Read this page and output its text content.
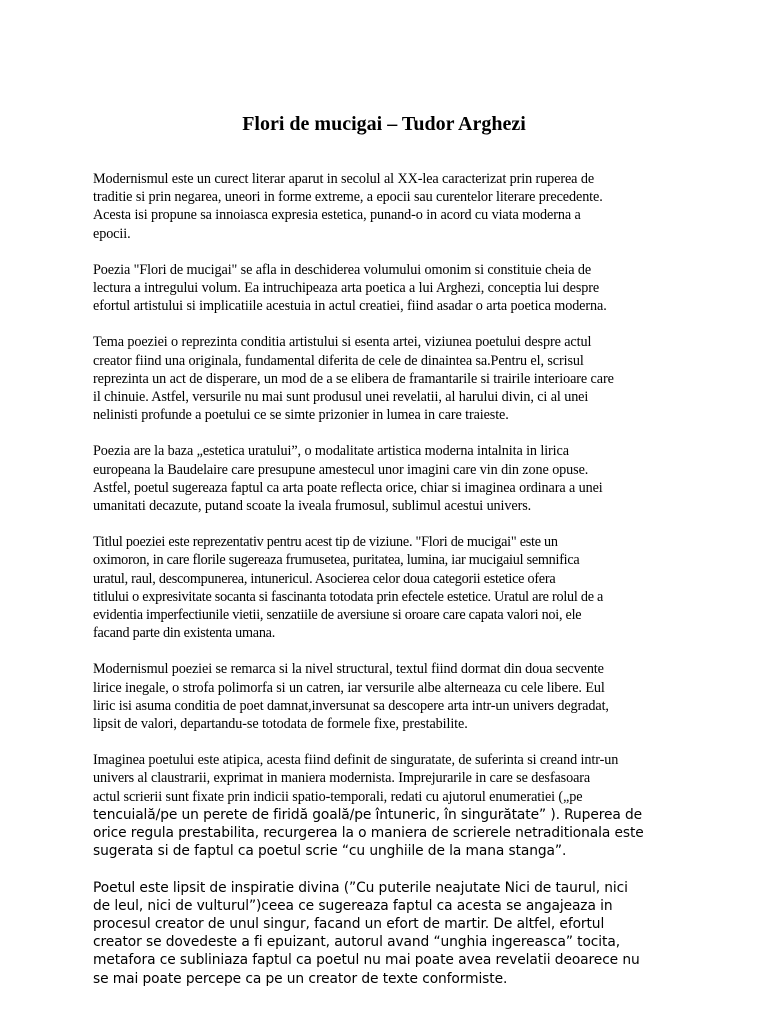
Flori de mucigai – Tudor Arghezi

Modernismul este un curect literar aparut in secolul al XX-lea caracterizat prin ruperea de
traditie si prin negarea, uneori in forme extreme, a epocii sau curentelor literare precedente.
Acesta isi propune sa innoiasca expresia estetica, punand-o in acord cu viata moderna a
epocii.

Poezia "Flori de mucigai" se afla in deschiderea volumului omonim si constituie cheia de
lectura a intregului volum. Ea intruchipeaza arta poetica a lui Arghezi, conceptia lui despre
efortul artistului si implicatiile acestuia in actul creatiei, fiind asadar o arta poetica moderna.

Tema poeziei o reprezinta conditia artistului si esenta artei, viziunea poetului despre actul
creator fiind una originala, fundamental diferita de cele de dinaintea sa.Pentru el, scrisul
reprezinta un act de disperare, un mod de a se elibera de framantarile si trairile interioare care
il chinuie. Astfel, versurile nu mai sunt produsul unei revelatii, al harului divin, ci al unei
nelinisti profunde a poetului ce se simte prizonier in lumea in care traieste.

Poezia are la baza „estetica uratului”, o modalitate artistica moderna intalnita in lirica
europeana la Baudelaire care presupune amestecul unor imagini care vin din zone opuse.
Astfel, poetul sugereaza faptul ca arta poate reflecta orice, chiar si imaginea ordinara a unei
umanitati decazute, putand scoate la iveala frumosul, sublimul acestui univers.

Titlul poeziei este reprezentativ pentru acest tip de viziune. "Flori de mucigai" este un
oximoron, in care florile sugereaza frumusetea, puritatea, lumina, iar mucigaiul semnifica
uratul, raul, descompunerea, intunericul. Asocierea celor doua categorii estetice ofera
titlului o expresivitate socanta si fascinanta totodata prin efectele estetice. Uratul are rolul de a
evidentia imperfectiunile vietii, senzatiile de aversiune si oroare care capata valori noi, ele
facand parte din existenta umana.

Modernismul poeziei se remarca si la nivel structural, textul fiind dormat din doua secvente
lirice inegale, o strofa polimorfa si un catren, iar versurile albe alterneaza cu cele libere. Eul
liric isi asuma conditia de poet damnat,inversunat sa descopere arta intr-un univers degradat,
lipsit de valori, departandu-se totodata de formele fixe, prestabilite.

Imaginea poetului este atipica, acesta fiind definit de singuratate, de suferinta si creand intr-un
univers al claustrarii, exprimat in maniera modernista. Imprejurarile in care se desfasoara
actul scrierii sunt fixate prin indicii spatio-temporali, redati cu ajutorul enumeratiei („pe
tencuială/pe un perete de firidă goală/pe întuneric, în singurătate” ). Ruperea de
orice regula prestabilita, recurgerea la o maniera de scrierele netraditionala este
sugerata si de faptul ca poetul scrie “cu unghiile de la mana stanga”.

Poetul este lipsit de inspiratie divina (”Cu puterile neajutate Nici de taurul, nici
de leul, nici de vulturul”)ceea ce sugereaza faptul ca acesta se angajeaza in
procesul creator de unul singur, facand un efort de martir. De altfel, efortul
creator se dovedeste a fi epuizant, autorul avand “unghia ingereasca” tocita,
metafora ce subliniaza faptul ca poetul nu mai poate avea revelatii deoarece nu
se mai poate percepe ca pe un creator de texte conformiste.
